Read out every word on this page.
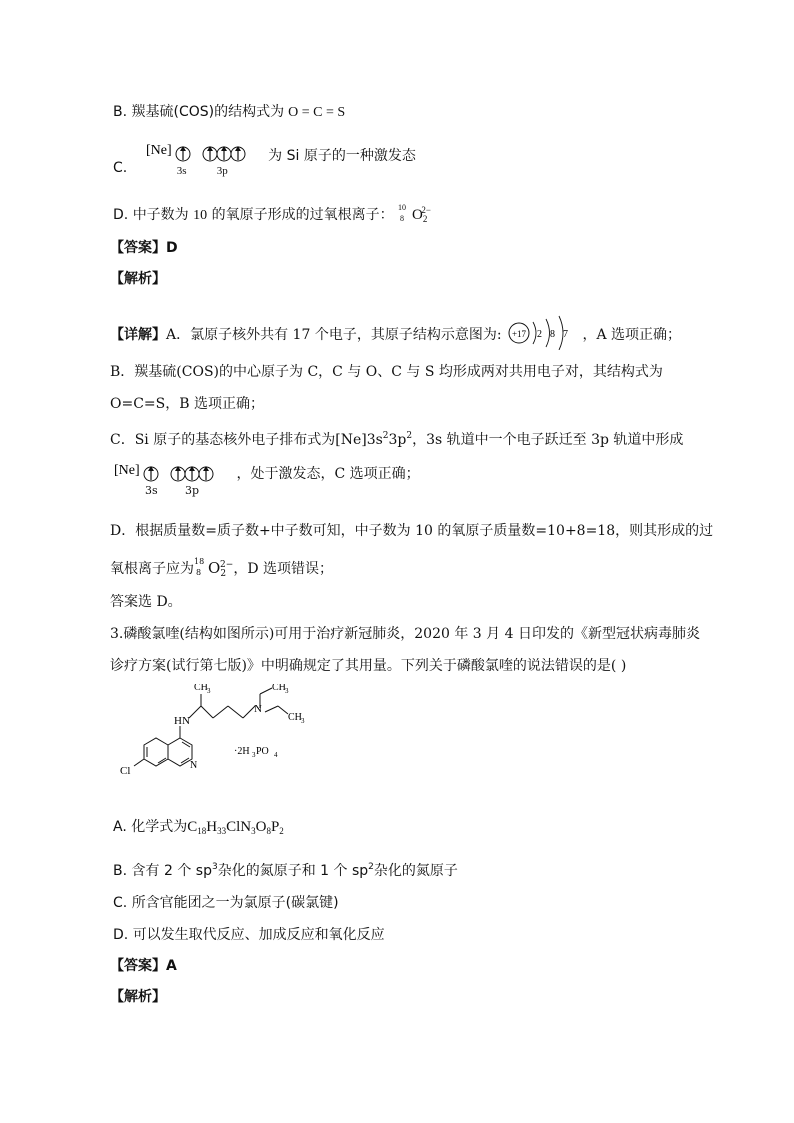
B. 羰基硫(COS)的结构式为 O = C = S
C.
[Ne]
3s	3p
为 Si 原子的一种激发态
D. 中子数为 10 的氧原子形成的过氧根离子： 10
8 $O_2^{2-}$
【答案】D
【解析】
【详解】A．氯原子核外共有 17 个电子，其原子结构示意图为: +17 2 8 7 ，A 选项正确；
B．羰基硫(COS)的中心原子为 C，C 与 O、C 与 S 均形成两对共用电子对，其结构式为
O=C=S，B 选项正确；
C．Si 原子的基态核外电子排布式为$[Ne]3s^23p^2$，3s 轨道中一个电子跃迁至 3p 轨道中形成
[Ne]
3s 3p
，处于激发态，C 选项正确；
D．根据质量数=质子数+中子数可知，中子数为 10 的氧原子质量数=10+8=18，则其形成的过
氧根离子应为 18
8 $O_2^{2-}$，D 选项错误；
答案选 D。
3.磷酸氯喹(结构如图所示)可用于治疗新冠肺炎，2020 年 3 月 4 日印发的《新型冠状病毒肺炎
诊疗方案(试行第七版)》中明确规定了其用量。下列关于磷酸氯喹的说法错误的是( )
CH 3	CH 3
CH 3
HN
N
N
Cl
·2H 3 PO 4
A. 化学式为$C_{18}H_{33}ClN_3O_8P_2$
B. 含有 2 个 $sp^3$杂化的氮原子和 1 个 $sp^2$杂化的氮原子
C. 所含官能团之一为氯原子(碳氯键)
D. 可以发生取代反应、加成反应和氧化反应
【答案】A
【解析】
